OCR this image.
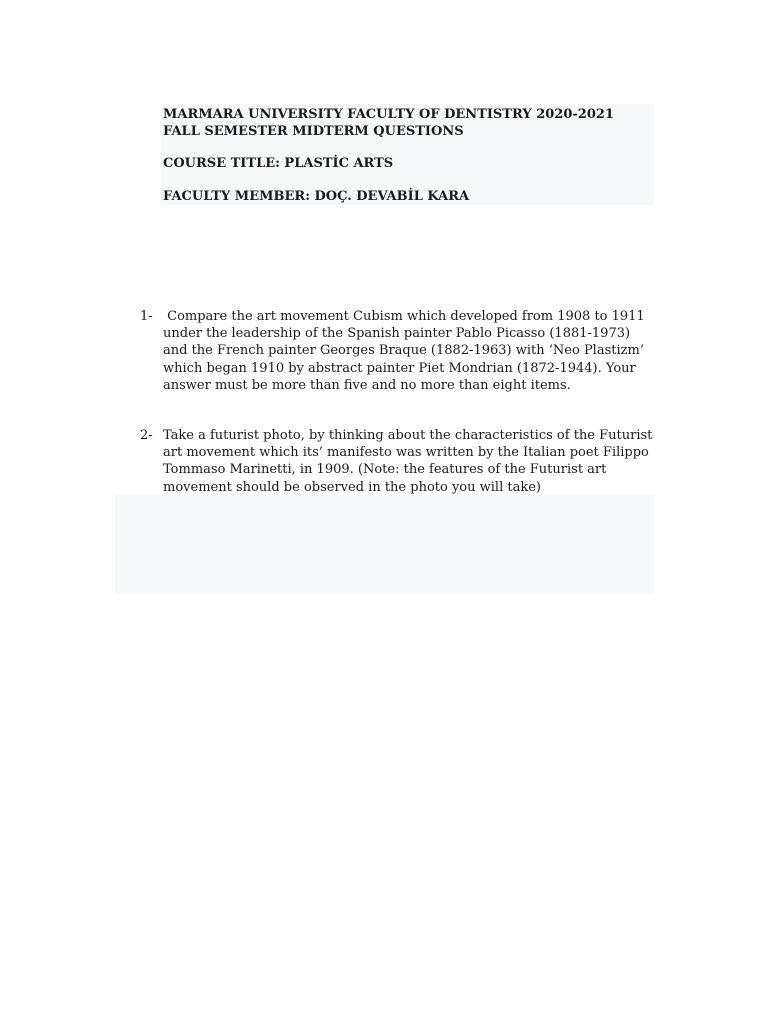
MARMARA UNIVERSITY FACULTY OF DENTISTRY 2020-2021 FALL SEMESTER MIDTERM QUESTIONS

COURSE TITLE: PLASTİC ARTS

FACULTY MEMBER: DOÇ. DEVABİL KARA

1- Compare the art movement Cubism which developed from 1908 to 1911 under the leadership of the Spanish painter Pablo Picasso (1881-1973) and the French painter Georges Braque (1882-1963) with ‘Neo Plastizm’ which began 1910 by abstract painter Piet Mondrian (1872-1944). Your answer must be more than five and no more than eight items.

2- Take a futurist photo, by thinking about the characteristics of the Futurist art movement which its’ manifesto was written by the Italian poet Filippo Tommaso Marinetti, in 1909. (Note: the features of the Futurist art movement should be observed in the photo you will take)
